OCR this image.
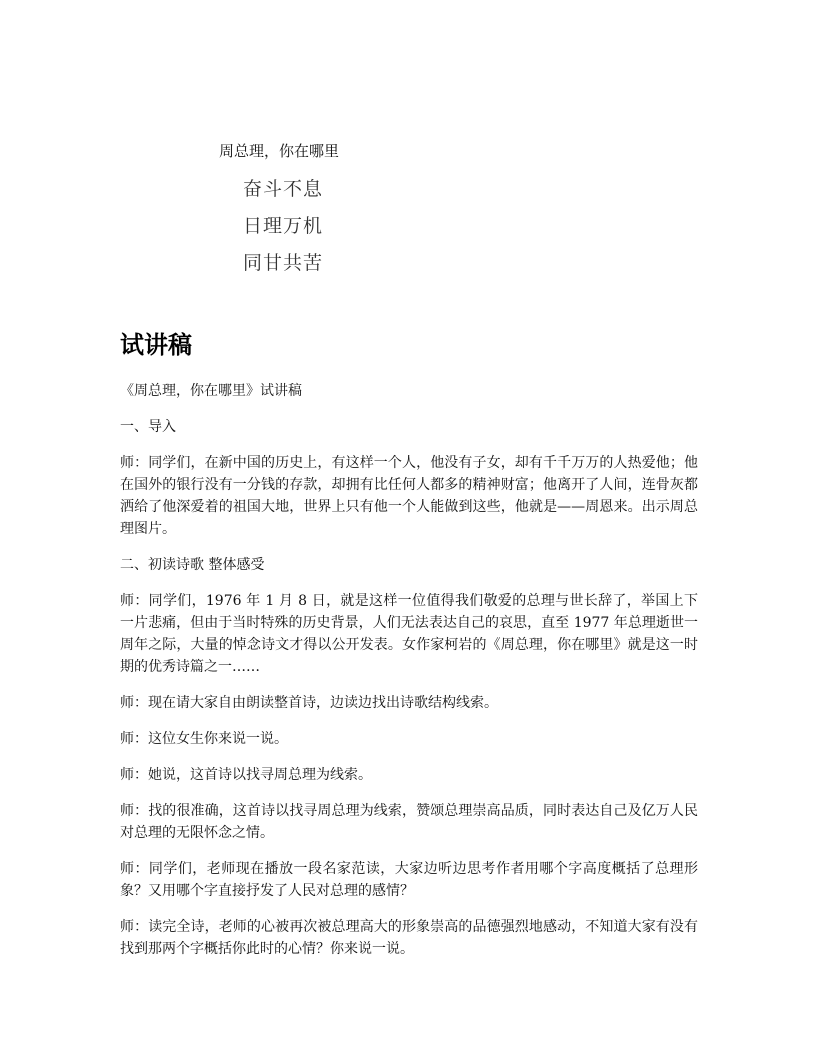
周总理，你在哪里
奋斗不息
日理万机
同甘共苦
试讲稿

《周总理，你在哪里》试讲稿

一、导入

师：同学们，在新中国的历史上，有这样一个人，他没有子女，却有千千万万的人热爱他；他在国外的银行没有一分钱的存款，却拥有比任何人都多的精神财富；他离开了人间，连骨灰都洒给了他深爱着的祖国大地，世界上只有他一个人能做到这些，他就是——周恩来。出示周总理图片。

二、初读诗歌 整体感受

师：同学们，1976 年 1 月 8 日，就是这样一位值得我们敬爱的总理与世长辞了，举国上下一片悲痛，但由于当时特殊的历史背景，人们无法表达自己的哀思，直至 1977 年总理逝世一周年之际，大量的悼念诗文才得以公开发表。女作家柯岩的《周总理，你在哪里》就是这一时期的优秀诗篇之一……

师：现在请大家自由朗读整首诗，边读边找出诗歌结构线索。

师：这位女生你来说一说。

师：她说，这首诗以找寻周总理为线索。

师：找的很准确，这首诗以找寻周总理为线索，赞颂总理崇高品质，同时表达自己及亿万人民对总理的无限怀念之情。

师：同学们，老师现在播放一段名家范读，大家边听边思考作者用哪个字高度概括了总理形象？又用哪个字直接抒发了人民对总理的感情？

师：读完全诗，老师的心被再次被总理高大的形象崇高的品德强烈地感动，不知道大家有没有找到那两个字概括你此时的心情？你来说一说。
